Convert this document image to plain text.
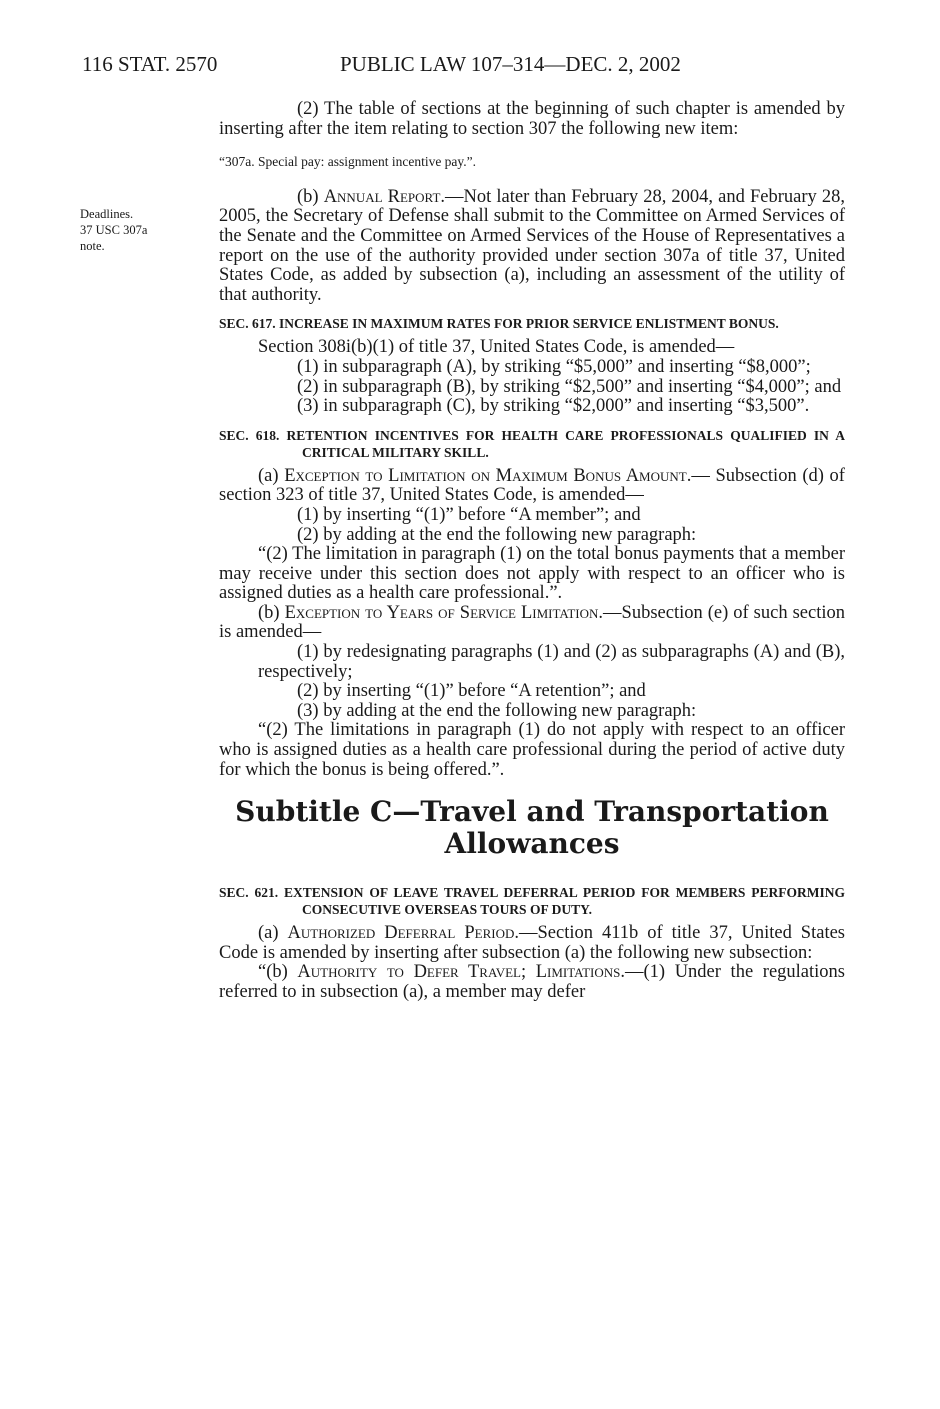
116 STAT. 2570	PUBLIC LAW 107–314—DEC. 2, 2002
Deadlines.
37 USC 307a
note.

(2) The table of sections at the beginning of such chapter is amended by inserting after the item relating to section 307 the following new item:

“307a. Special pay: assignment incentive pay.”.

(b) Annual Report.—Not later than February 28, 2004, and February 28, 2005, the Secretary of Defense shall submit to the Committee on Armed Services of the Senate and the Committee on Armed Services of the House of Representatives a report on the use of the authority provided under section 307a of title 37, United States Code, as added by subsection (a), including an assessment of the utility of that authority.

SEC. 617. INCREASE IN MAXIMUM RATES FOR PRIOR SERVICE ENLISTMENT BONUS.

Section 308i(b)(1) of title 37, United States Code, is amended—

(1) in subparagraph (A), by striking “$5,000” and inserting “$8,000”;

(2) in subparagraph (B), by striking “$2,500” and inserting “$4,000”; and

(3) in subparagraph (C), by striking “$2,000” and inserting “$3,500”.

SEC. 618. RETENTION INCENTIVES FOR HEALTH CARE PROFESSIONALS QUALIFIED IN A CRITICAL MILITARY SKILL.

(a) Exception to Limitation on Maximum Bonus Amount.— Subsection (d) of section 323 of title 37, United States Code, is amended—

(1) by inserting “(1)” before “A member”; and

(2) by adding at the end the following new paragraph:

“(2) The limitation in paragraph (1) on the total bonus payments that a member may receive under this section does not apply with respect to an officer who is assigned duties as a health care professional.”.

(b) Exception to Years of Service Limitation.—Subsection (e) of such section is amended—

(1) by redesignating paragraphs (1) and (2) as subparagraphs (A) and (B), respectively;

(2) by inserting “(1)” before “A retention”; and

(3) by adding at the end the following new paragraph:

“(2) The limitations in paragraph (1) do not apply with respect to an officer who is assigned duties as a health care professional during the period of active duty for which the bonus is being offered.”.

Subtitle C—Travel and Transportation
Allowances

SEC. 621. EXTENSION OF LEAVE TRAVEL DEFERRAL PERIOD FOR MEMBERS PERFORMING CONSECUTIVE OVERSEAS TOURS OF DUTY.

(a) Authorized Deferral Period.—Section 411b of title 37, United States Code is amended by inserting after subsection (a) the following new subsection:

“(b) Authority to Defer Travel; Limitations.—(1) Under the regulations referred to in subsection (a), a member may defer
